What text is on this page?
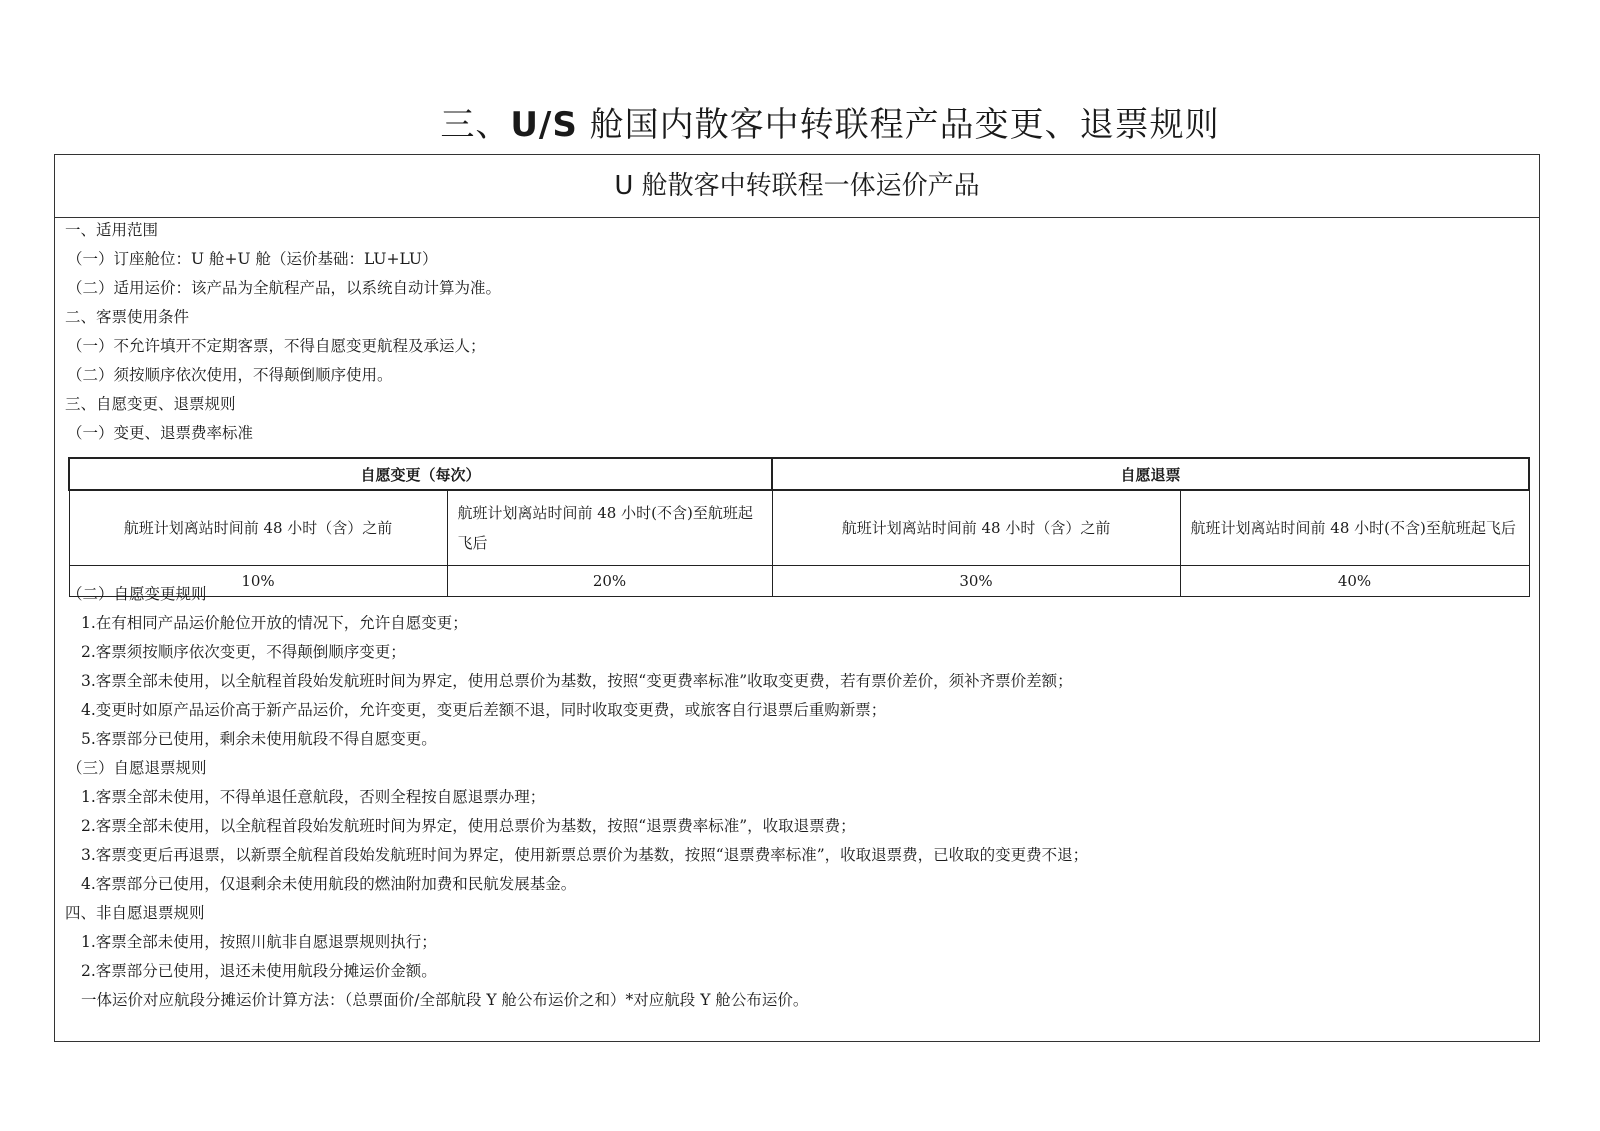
三、U/S 舱国内散客中转联程产品变更、退票规则
U 舱散客中转联程一体运价产品
一、适用范围
（一）订座舱位：U 舱+U 舱（运价基础：LU+LU）
（二）适用运价：该产品为全航程产品，以系统自动计算为准。
二、客票使用条件
（一）不允许填开不定期客票，不得自愿变更航程及承运人；
（二）须按顺序依次使用，不得颠倒顺序使用。
三、自愿变更、退票规则
（一）变更、退票费率标准
自愿变更（每次）		自愿退票	
航班计划离站时间前 48 小时（含）之前	航班计划离站时间前 48 小时(不含)至航班起飞后	航班计划离站时间前 48 小时（含）之前	航班计划离站时间前 48 小时(不含)至航班起飞后
10%	20%	30%	40%
（二）自愿变更规则
1.在有相同产品运价舱位开放的情况下，允许自愿变更；
2.客票须按顺序依次变更，不得颠倒顺序变更；
3.客票全部未使用，以全航程首段始发航班时间为界定，使用总票价为基数，按照“变更费率标准”收取变更费，若有票价差价，须补齐票价差额；
4.变更时如原产品运价高于新产品运价，允许变更，变更后差额不退，同时收取变更费，或旅客自行退票后重购新票；
5.客票部分已使用，剩余未使用航段不得自愿变更。
（三）自愿退票规则
1.客票全部未使用，不得单退任意航段，否则全程按自愿退票办理；
2.客票全部未使用，以全航程首段始发航班时间为界定，使用总票价为基数，按照“退票费率标准”，收取退票费；
3.客票变更后再退票，以新票全航程首段始发航班时间为界定，使用新票总票价为基数，按照“退票费率标准”，收取退票费，已收取的变更费不退；
4.客票部分已使用，仅退剩余未使用航段的燃油附加费和民航发展基金。
四、非自愿退票规则
1.客票全部未使用，按照川航非自愿退票规则执行；
2.客票部分已使用，退还未使用航段分摊运价金额。
一体运价对应航段分摊运价计算方法：（总票面价/全部航段 Y 舱公布运价之和）*对应航段 Y 舱公布运价。
